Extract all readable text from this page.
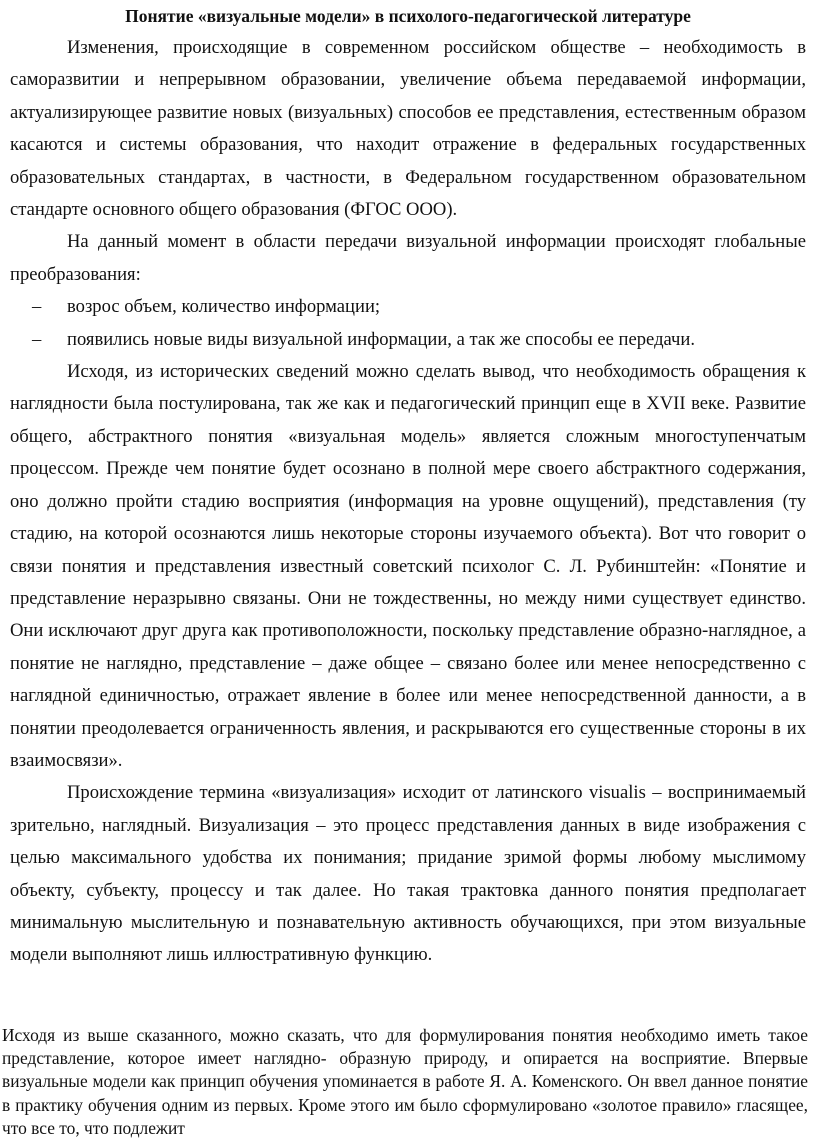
Понятие «визуальные модели» в психолого-педагогической литературе

Изменения, происходящие в современном российском обществе – необходимость в саморазвитии и непрерывном образовании, увеличение объема передаваемой информации, актуализирующее развитие новых (визуальных) способов ее представления, естественным образом касаются и системы образования, что находит отражение в федеральных государственных образовательных стандартах, в частности, в Федеральном государственном образовательном стандарте основного общего образования (ФГОС ООО).

На данный момент в области передачи визуальной информации происходят глобальные преобразования:

– возрос объем, количество информации;
– появились новые виды визуальной информации, а так же способы ее передачи.

Исходя, из исторических сведений можно сделать вывод, что необходимость обращения к наглядности была постулирована, так же как и педагогический принцип еще в XVII веке. Развитие общего, абстрактного понятия «визуальная модель» является сложным многоступенчатым процессом. Прежде чем понятие будет осознано в полной мере своего абстрактного содержания, оно должно пройти стадию восприятия (информация на уровне ощущений), представления (ту стадию, на которой осознаются лишь некоторые стороны изучаемого объекта). Вот что говорит о связи понятия и представления известный советский психолог С. Л. Рубинштейн: «Понятие и представление неразрывно связаны. Они не тождественны, но между ними существует единство. Они исключают друг друга как противоположности, поскольку представление образно-наглядное, а понятие не наглядно, представление – даже общее – связано более или менее непосредственно с наглядной единичностью, отражает явление в более или менее непосредственной данности, а в понятии преодолевается ограниченность явления, и раскрываются его существенные стороны в их взаимосвязи».

Происхождение термина «визуализация» исходит от латинского visualis – воспринимаемый зрительно, наглядный. Визуализация – это процесс представления данных в виде изображения с целью максимального удобства их понимания; придание зримой формы любому мыслимому объекту, субъекту, процессу и так далее. Но такая трактовка данного понятия предполагает минимальную мыслительную и познавательную активность обучающихся, при этом визуальные модели выполняют лишь иллюстративную функцию.

Исходя из выше сказанного, можно сказать, что для формулирования понятия необходимо иметь такое представление, которое имеет наглядно- образную природу, и опирается на восприятие. Впервые визуальные модели как принцип обучения упоминается в работе Я. А. Коменского. Он ввел данное понятие в практику обучения одним из первых. Кроме этого им было сформулировано «золотое правило» гласящее, что все то, что подлежит
